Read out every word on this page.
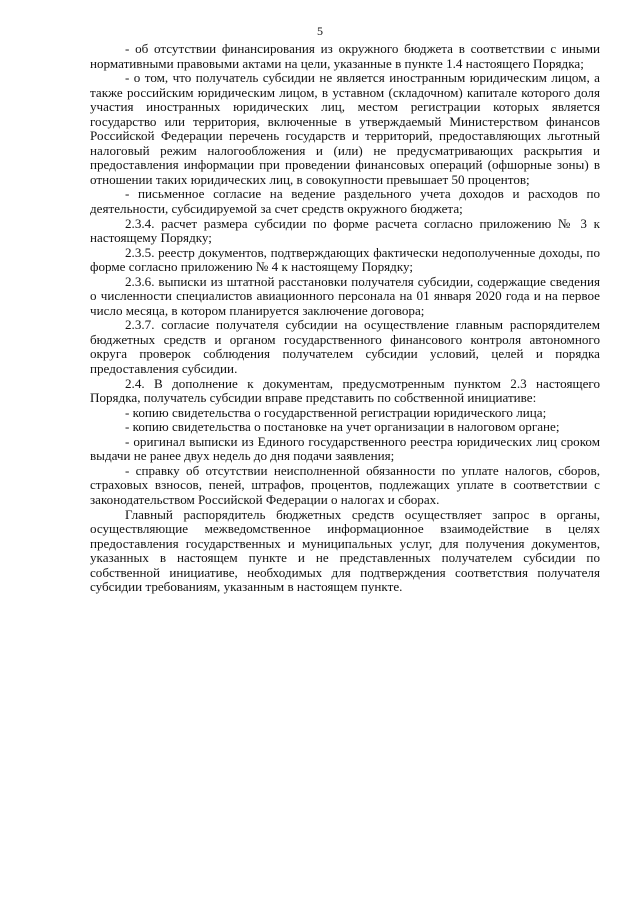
5

- об отсутствии финансирования из окружного бюджета в соответствии с иными нормативными правовыми актами на цели, указанные в пункте 1.4 настоящего Порядка;

- о том, что получатель субсидии не является иностранным юридическим лицом, а также российским юридическим лицом, в уставном (складочном) капитале которого доля участия иностранных юридических лиц, местом регистрации которых является государство или территория, включенные в утверждаемый Министерством финансов Российской Федерации перечень государств и территорий, предоставляющих льготный налоговый режим налогообложения и (или) не предусматривающих раскрытия и предоставления информации при проведении финансовых операций (офшорные зоны) в отношении таких юридических лиц, в совокупности превышает 50 процентов;

- письменное согласие на ведение раздельного учета доходов и расходов по деятельности, субсидируемой за счет средств окружного бюджета;

2.3.4. расчет размера субсидии по форме расчета согласно приложению № 3 к настоящему Порядку;

2.3.5. реестр документов, подтверждающих фактически недополученные доходы, по форме согласно приложению № 4 к настоящему Порядку;

2.3.6. выписки из штатной расстановки получателя субсидии, содержащие сведения о численности специалистов авиационного персонала на 01 января 2020 года и на первое число месяца, в котором планируется заключение договора;

2.3.7. согласие получателя субсидии на осуществление главным распорядителем бюджетных средств и органом государственного финансового контроля автономного округа проверок соблюдения получателем субсидии условий, целей и порядка предоставления субсидии.

2.4. В дополнение к документам, предусмотренным пунктом 2.3 настоящего Порядка, получатель субсидии вправе представить по собственной инициативе:

- копию свидетельства о государственной регистрации юридического лица;

- копию свидетельства о постановке на учет организации в налоговом органе;

- оригинал выписки из Единого государственного реестра юридических лиц сроком выдачи не ранее двух недель до дня подачи заявления;

- справку об отсутствии неисполненной обязанности по уплате налогов, сборов, страховых взносов, пеней, штрафов, процентов, подлежащих уплате в соответствии с законодательством Российской Федерации о налогах и сборах.

Главный распорядитель бюджетных средств осуществляет запрос в органы, осуществляющие межведомственное информационное взаимодействие в целях предоставления государственных и муниципальных услуг, для получения документов, указанных в настоящем пункте и не представленных получателем субсидии по собственной инициативе, необходимых для подтверждения соответствия получателя субсидии требованиям, указанным в настоящем пункте.
